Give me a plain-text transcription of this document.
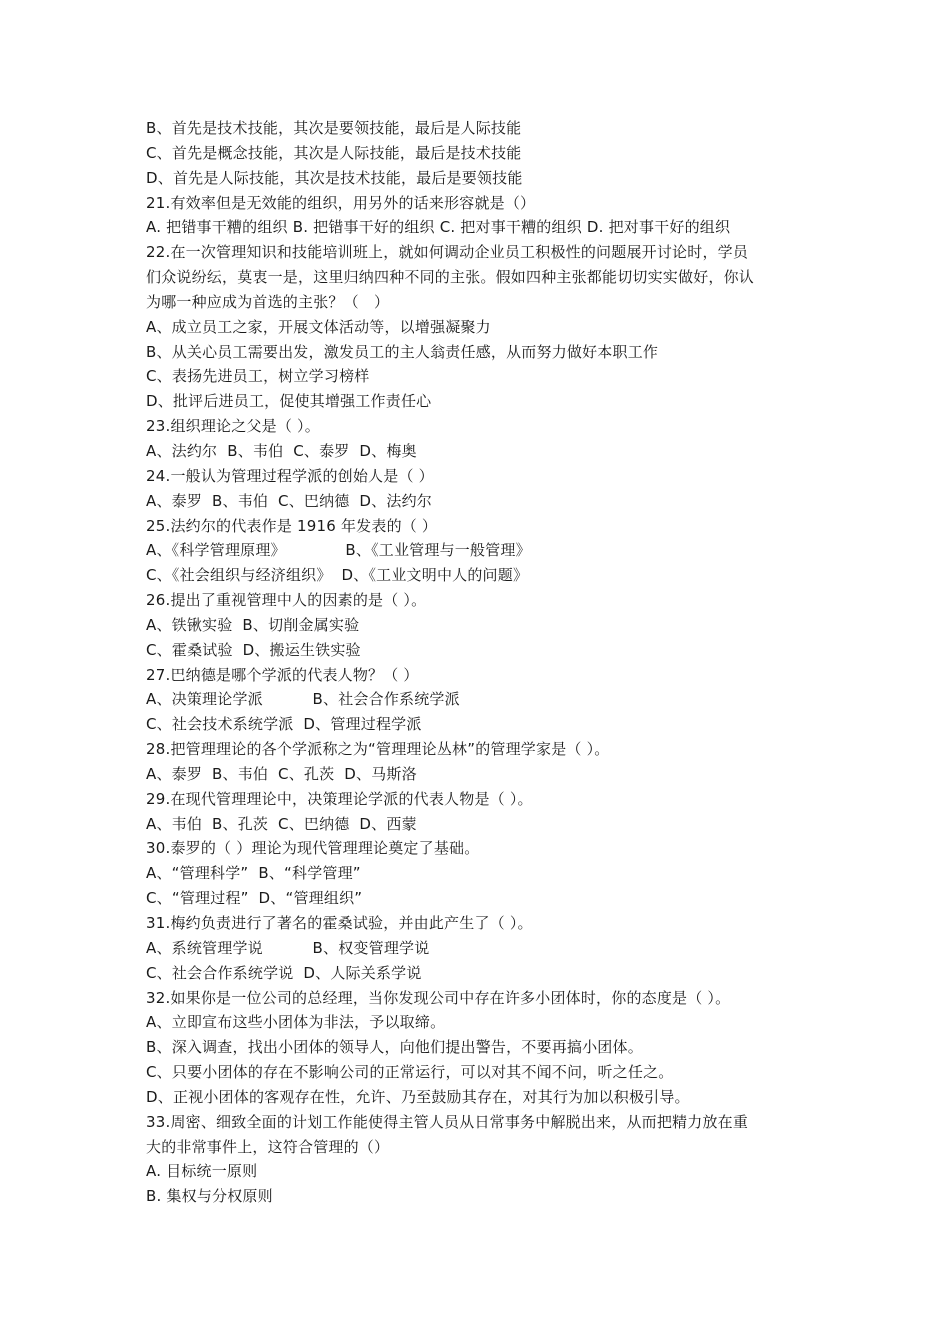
B、首先是技术技能，其次是要领技能，最后是人际技能
C、首先是概念技能，其次是人际技能，最后是技术技能
D、首先是人际技能，其次是技术技能，最后是要领技能
21.有效率但是无效能的组织，用另外的话来形容就是（）
A. 把错事干糟的组织 B. 把错事干好的组织 C. 把对事干糟的组织 D. 把对事干好的组织
22.在一次管理知识和技能培训班上，就如何调动企业员工积极性的问题展开讨论时，学员
们众说纷纭，莫衷一是，这里归纳四种不同的主张。假如四种主张都能切切实实做好，你认
为哪一种应成为首选的主张？（　）
A、成立员工之家，开展文体活动等，以增强凝聚力
B、从关心员工需要出发，激发员工的主人翁责任感，从而努力做好本职工作
C、表扬先进员工，树立学习榜样
D、批评后进员工，促使其增强工作责任心
23.组织理论之父是（ ）。
A、法约尔  B、韦伯  C、泰罗  D、梅奥
24.一般认为管理过程学派的创始人是（ ）
A、泰罗  B、韦伯  C、巴纳德  D、法约尔
25.法约尔的代表作是 1916 年发表的（ ）
A、《科学管理原理》            B、《工业管理与一般管理》
C、《社会组织与经济组织》  D、《工业文明中人的问题》
26.提出了重视管理中人的因素的是（ ）。
A、铁锹实验  B、切削金属实验
C、霍桑试验  D、搬运生铁实验
27.巴纳德是哪个学派的代表人物？（ ）
A、决策理论学派          B、社会合作系统学派
C、社会技术系统学派  D、管理过程学派
28.把管理理论的各个学派称之为“管理理论丛林”的管理学家是（ ）。
A、泰罗  B、韦伯  C、孔茨  D、马斯洛
29.在现代管理理论中，决策理论学派的代表人物是（ ）。
A、韦伯  B、孔茨  C、巴纳德  D、西蒙
30.泰罗的（ ）理论为现代管理理论奠定了基础。
A、“管理科学”  B、“科学管理”
C、“管理过程”  D、“管理组织”
31.梅约负责进行了著名的霍桑试验，并由此产生了（ ）。
A、系统管理学说          B、权变管理学说
C、社会合作系统学说  D、人际关系学说
32.如果你是一位公司的总经理，当你发现公司中存在许多小团体时，你的态度是（ ）。
A、立即宣布这些小团体为非法，予以取缔。
B、深入调查，找出小团体的领导人，向他们提出警告，不要再搞小团体。
C、只要小团体的存在不影响公司的正常运行，可以对其不闻不问，听之任之。
D、正视小团体的客观存在性，允许、乃至鼓励其存在，对其行为加以积极引导。
33.周密、细致全面的计划工作能使得主管人员从日常事务中解脱出来，从而把精力放在重
大的非常事件上，这符合管理的（）
A. 目标统一原则
B. 集权与分权原则
